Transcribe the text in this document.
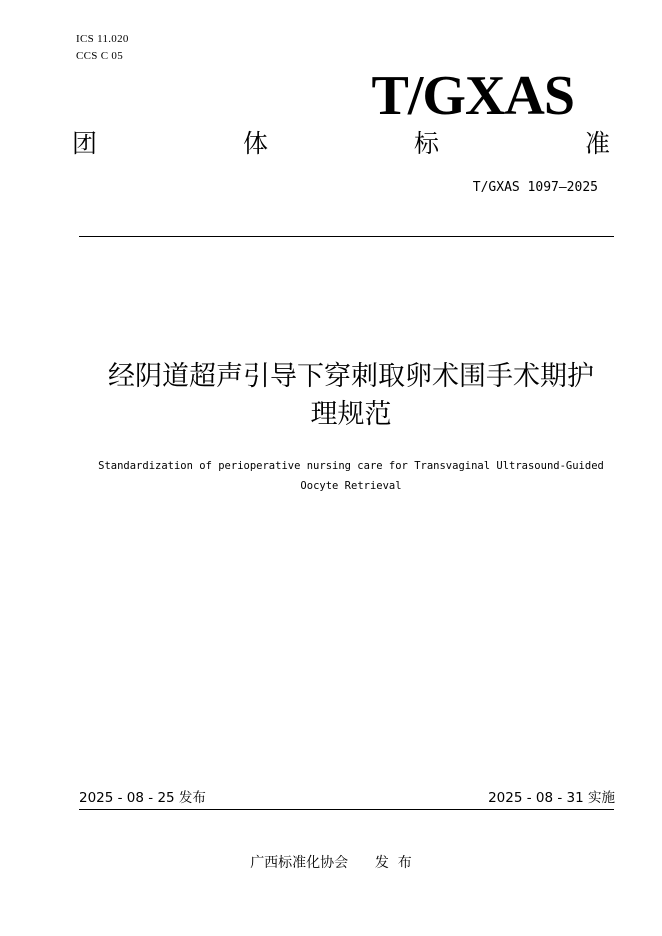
ICS 11.020
CCS C 05
T/GXAS
团	体	标	准
T/GXAS 1097—2025
经阴道超声引导下穿刺取卵术围手术期护
理规范
Standardization of perioperative nursing care for Transvaginal Ultrasound-Guided
Oocyte Retrieval
2025 - 08 - 25 发布	2025 - 08 - 31 实施
广西标准化协会      发  布
